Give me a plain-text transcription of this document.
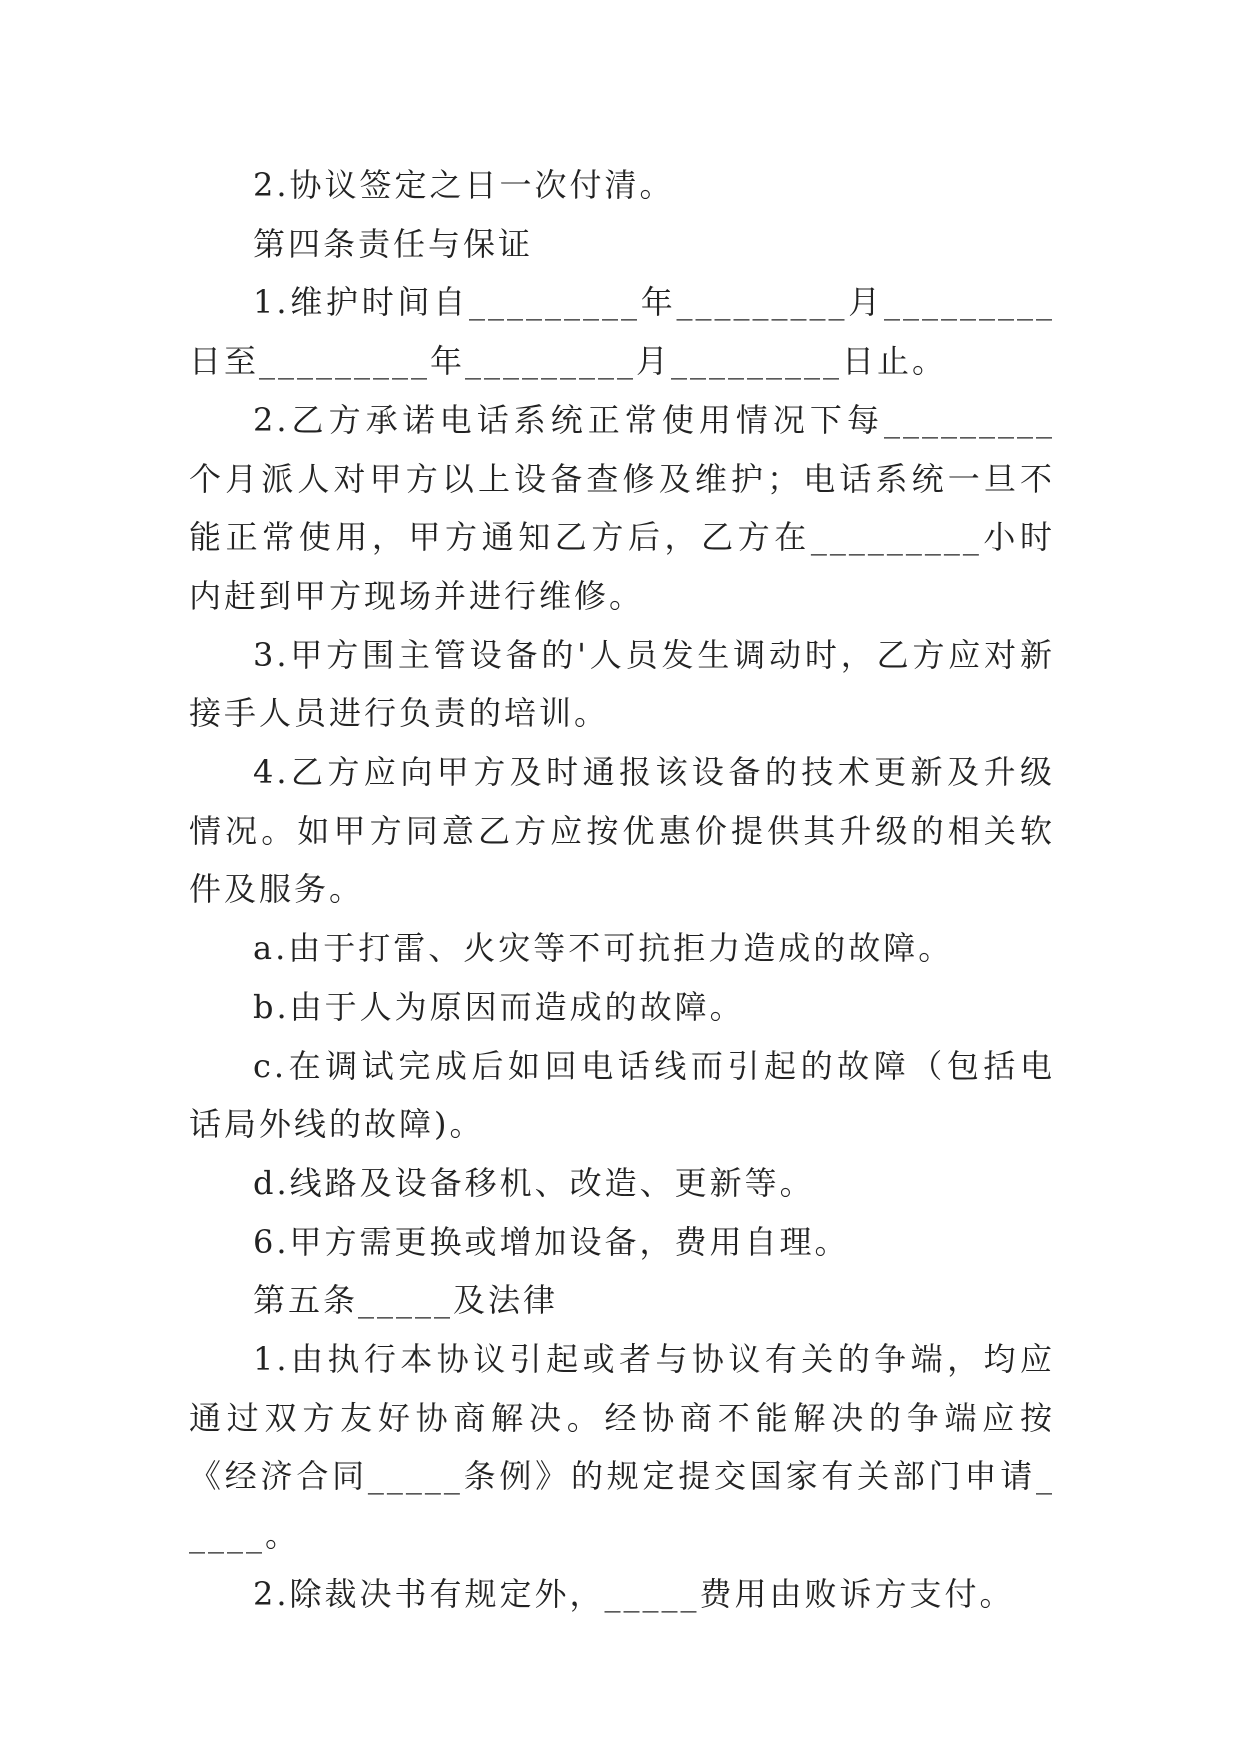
2.协议签定之日一次付清。

第四条责任与保证

1.维护时间自_________年_________月_________日至_________年_________月_________日止。

2.乙方承诺电话系统正常使用情况下每_________个月派人对甲方以上设备查修及维护；电话系统一旦不能正常使用，甲方通知乙方后，乙方在_________小时内赶到甲方现场并进行维修。

3.甲方围主管设备的'人员发生调动时，乙方应对新接手人员进行负责的培训。

4.乙方应向甲方及时通报该设备的技术更新及升级情况。如甲方同意乙方应按优惠价提供其升级的相关软件及服务。

a.由于打雷、火灾等不可抗拒力造成的故障。

b.由于人为原因而造成的故障。

c.在调试完成后如回电话线而引起的故障（包括电话局外线的故障)。

d.线路及设备移机、改造、更新等。

6.甲方需更换或增加设备，费用自理。

第五条_____及法律

1.由执行本协议引起或者与协议有关的争端，均应通过双方友好协商解决。经协商不能解决的争端应按《经济合同_____条例》的规定提交国家有关部门申请_____。

2.除裁决书有规定外，_____费用由败诉方支付。
